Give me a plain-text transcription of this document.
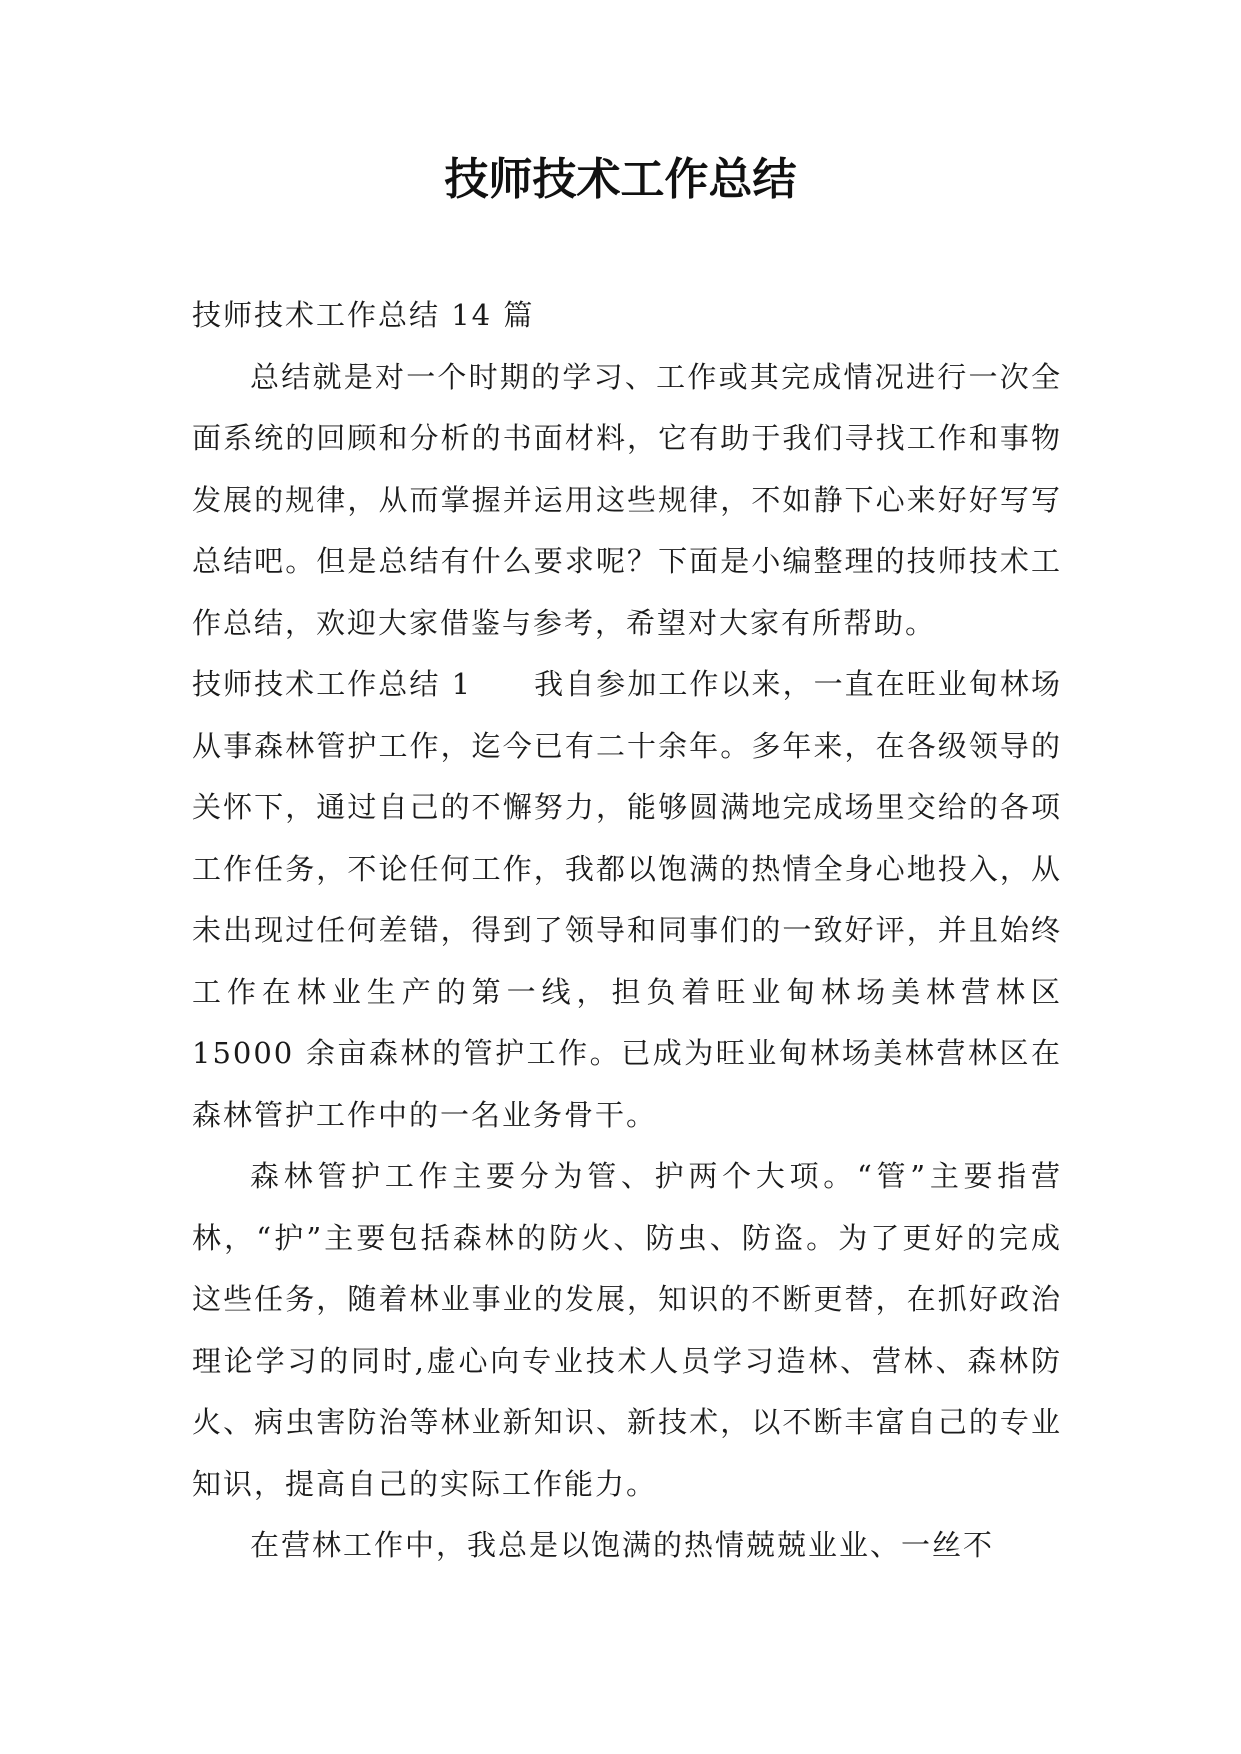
技师技术工作总结

技师技术工作总结 14 篇

总结就是对一个时期的学习、工作或其完成情况进行一次全面系统的回顾和分析的书面材料，它有助于我们寻找工作和事物发展的规律，从而掌握并运用这些规律，不如静下心来好好写写总结吧。但是总结有什么要求呢？下面是小编整理的技师技术工作总结，欢迎大家借鉴与参考，希望对大家有所帮助。

技师技术工作总结 1 我自参加工作以来，一直在旺业甸林场从事森林管护工作，迄今已有二十余年。多年来，在各级领导的关怀下，通过自己的不懈努力，能够圆满地完成场里交给的各项工作任务，不论任何工作，我都以饱满的热情全身心地投入，从未出现过任何差错，得到了领导和同事们的一致好评，并且始终工作在林业生产的第一线，担负着旺业甸林场美林营林区 15000 余亩森林的管护工作。已成为旺业甸林场美林营林区在森林管护工作中的一名业务骨干。

森林管护工作主要分为管、护两个大项。“管”主要指营林，“护”主要包括森林的防火、防虫、防盗。为了更好的完成这些任务，随着林业事业的发展，知识的不断更替，在抓好政治理论学习的同时,虚心向专业技术人员学习造林、营林、森林防火、病虫害防治等林业新知识、新技术，以不断丰富自己的专业知识，提高自己的实际工作能力。

在营林工作中，我总是以饱满的热情兢兢业业、一丝不
